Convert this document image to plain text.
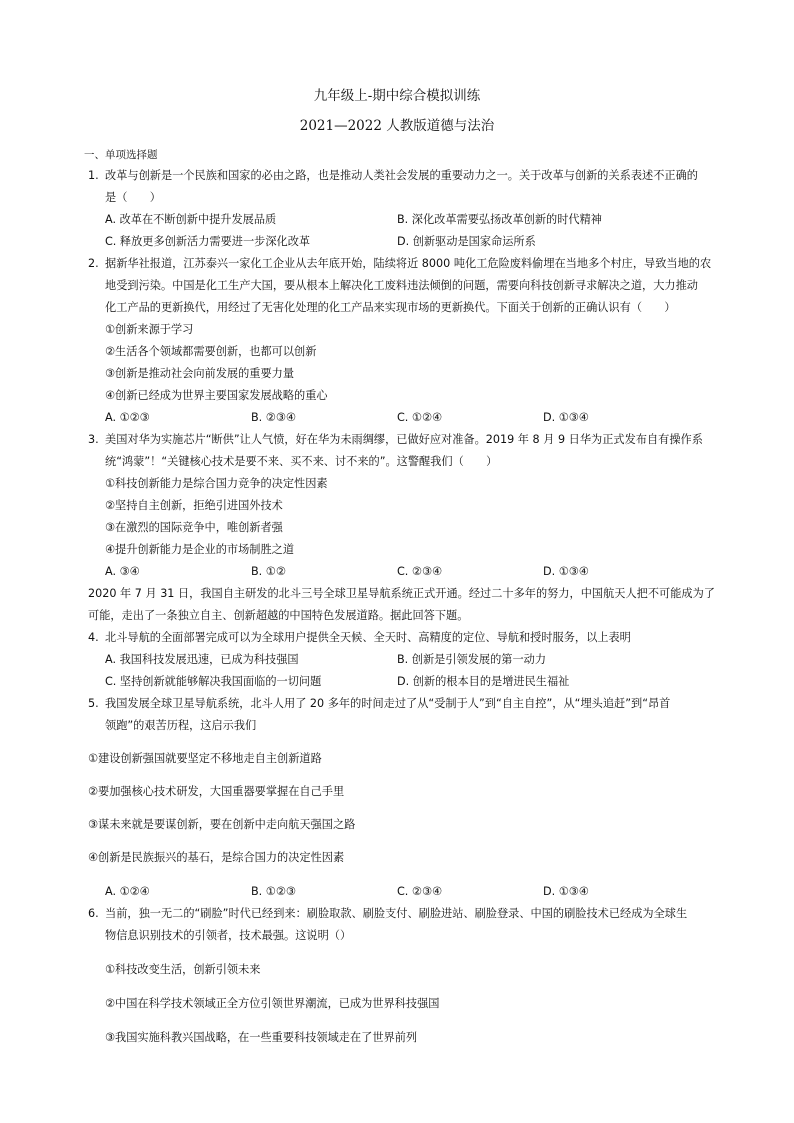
九年级上-期中综合模拟训练
2021—2022 人教版道德与法治
一、单项选择题
1. 改革与创新是一个民族和国家的必由之路，也是推动人类社会发展的重要动力之一。关于改革与创新的关系表述不正确的
是（　　）
A. 改革在不断创新中提升发展品质	B. 深化改革需要弘扬改革创新的时代精神
C. 释放更多创新活力需要进一步深化改革	D. 创新驱动是国家命运所系
2. 据新华社报道，江苏泰兴一家化工企业从去年底开始，陆续将近 8000 吨化工危险废料偷埋在当地多个村庄，导致当地的农
地受到污染。中国是化工生产大国，要从根本上解决化工废料违法倾倒的问题，需要向科技创新寻求解决之道，大力推动
化工产品的更新换代，用经过了无害化处理的化工产品来实现市场的更新换代。下面关于创新的正确认识有（　　）
①创新来源于学习
②生活各个领域都需要创新，也都可以创新
③创新是推动社会向前发展的重要力量
④创新已经成为世界主要国家发展战略的重心
A. ①②③	B. ②③④	C. ①②④	D. ①③④
3. 美国对华为实施芯片“断供”让人气愤，好在华为未雨绸缪，已做好应对准备。2019 年 8 月 9 日华为正式发布自有操作系
统“鸿蒙”！“关键核心技术是要不来、买不来、讨不来的”。这警醒我们（　　）
①科技创新能力是综合国力竞争的决定性因素
②坚持自主创新，拒绝引进国外技术
③在激烈的国际竞争中，唯创新者强
④提升创新能力是企业的市场制胜之道
A. ③④	B. ①②	C. ②③④	D. ①③④
2020 年 7 月 31 日，我国自主研发的北斗三号全球卫星导航系统正式开通。经过二十多年的努力，中国航天人把不可能成为了
可能，走出了一条独立自主、创新超越的中国特色发展道路。据此回答下题。
4. 北斗导航的全面部署完成可以为全球用户提供全天候、全天时、高精度的定位、导航和授时服务，以上表明
A. 我国科技发展迅速，已成为科技强国	B. 创新是引领发展的第一动力
C. 坚持创新就能够解决我国面临的一切问题	D. 创新的根本目的是增进民生福祉
5. 我国发展全球卫星导航系统，北斗人用了 20 多年的时间走过了从“受制于人”到“自主自控”，从“埋头追赶”到“昂首
领跑”的艰苦历程，这启示我们
①建设创新强国就要坚定不移地走自主创新道路
②要加强核心技术研发，大国重器要掌握在自己手里
③谋未来就是要谋创新，要在创新中走向航天强国之路
④创新是民族振兴的基石，是综合国力的决定性因素
A. ①②④	B. ①②③	C. ②③④	D. ①③④
6. 当前，独一无二的“刷脸”时代已经到来：刷脸取款、刷脸支付、刷脸进站、刷脸登录、中国的刷脸技术已经成为全球生
物信息识别技术的引领者，技术最强。这说明（）
①科技改变生活，创新引领未来
②中国在科学技术领域正全方位引领世界潮流，已成为世界科技强国
③我国实施科教兴国战略，在一些重要科技领域走在了世界前列
